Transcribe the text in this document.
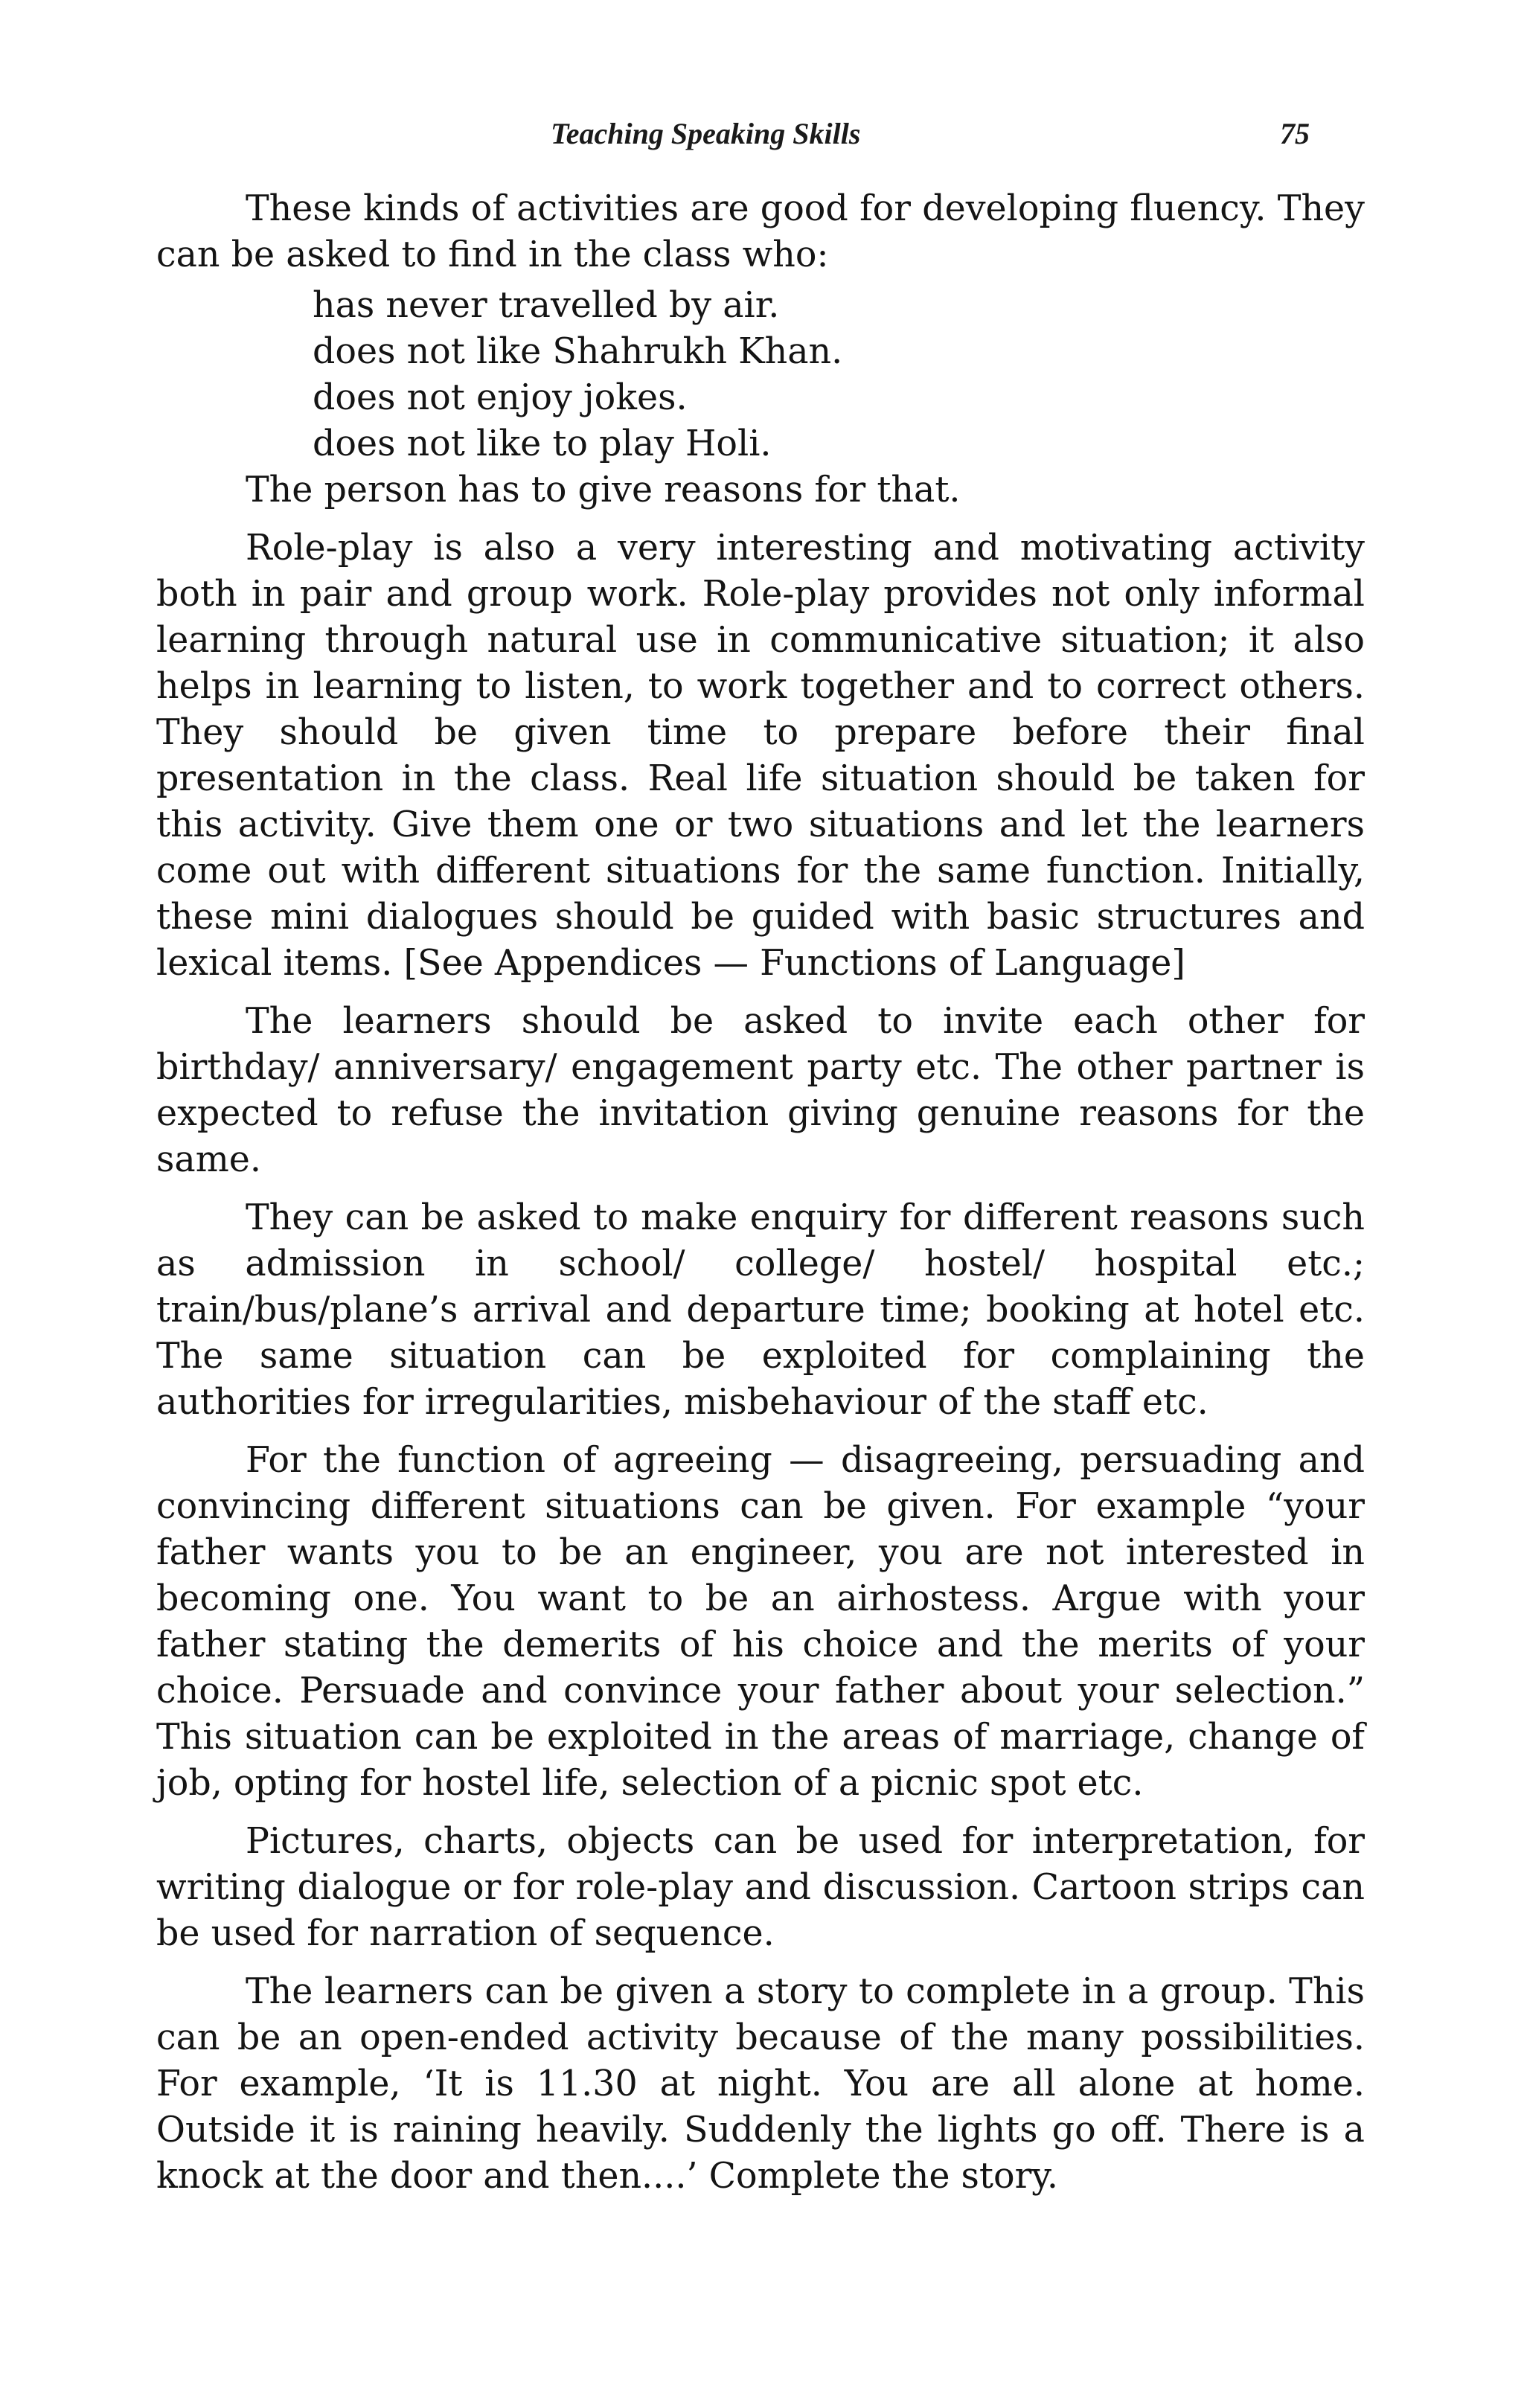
Teaching Speaking Skills	75

These kinds of activities are good for developing fluency. They can be asked to find in the class who:

has never travelled by air.
does not like Shahrukh Khan.
does not enjoy jokes.
does not like to play Holi.

The person has to give reasons for that.

Role-play is also a very interesting and motivating activity both in pair and group work. Role-play provides not only informal learning through natural use in communicative situation; it also helps in learning to listen, to work together and to correct others. They should be given time to prepare before their final presentation in the class. Real life situation should be taken for this activity. Give them one or two situations and let the learners come out with different situations for the same function. Initially, these mini dialogues should be guided with basic structures and lexical items. [See Appendices — Functions of Language]

The learners should be asked to invite each other for birthday/ anniversary/ engagement party etc. The other partner is expected to refuse the invitation giving genuine reasons for the same.

They can be asked to make enquiry for different reasons such as admission in school/ college/ hostel/ hospital etc.; train/bus/plane’s arrival and departure time; booking at hotel etc. The same situation can be exploited for complaining the authorities for irregularities, misbehaviour of the staff etc.

For the function of agreeing — disagreeing, persuading and convincing different situations can be given. For example “your father wants you to be an engineer, you are not interested in becoming one. You want to be an airhostess. Argue with your father stating the demerits of his choice and the merits of your choice. Persuade and convince your father about your selection.” This situation can be exploited in the areas of marriage, change of job, opting for hostel life, selection of a picnic spot etc.

Pictures, charts, objects can be used for interpretation, for writing dialogue or for role-play and discussion. Cartoon strips can be used for narration of sequence.

The learners can be given a story to complete in a group. This can be an open-ended activity because of the many possibilities. For example, ‘It is 11.30 at night. You are all alone at home. Outside it is raining heavily. Suddenly the lights go off. There is a knock at the door and then....’ Complete the story.
